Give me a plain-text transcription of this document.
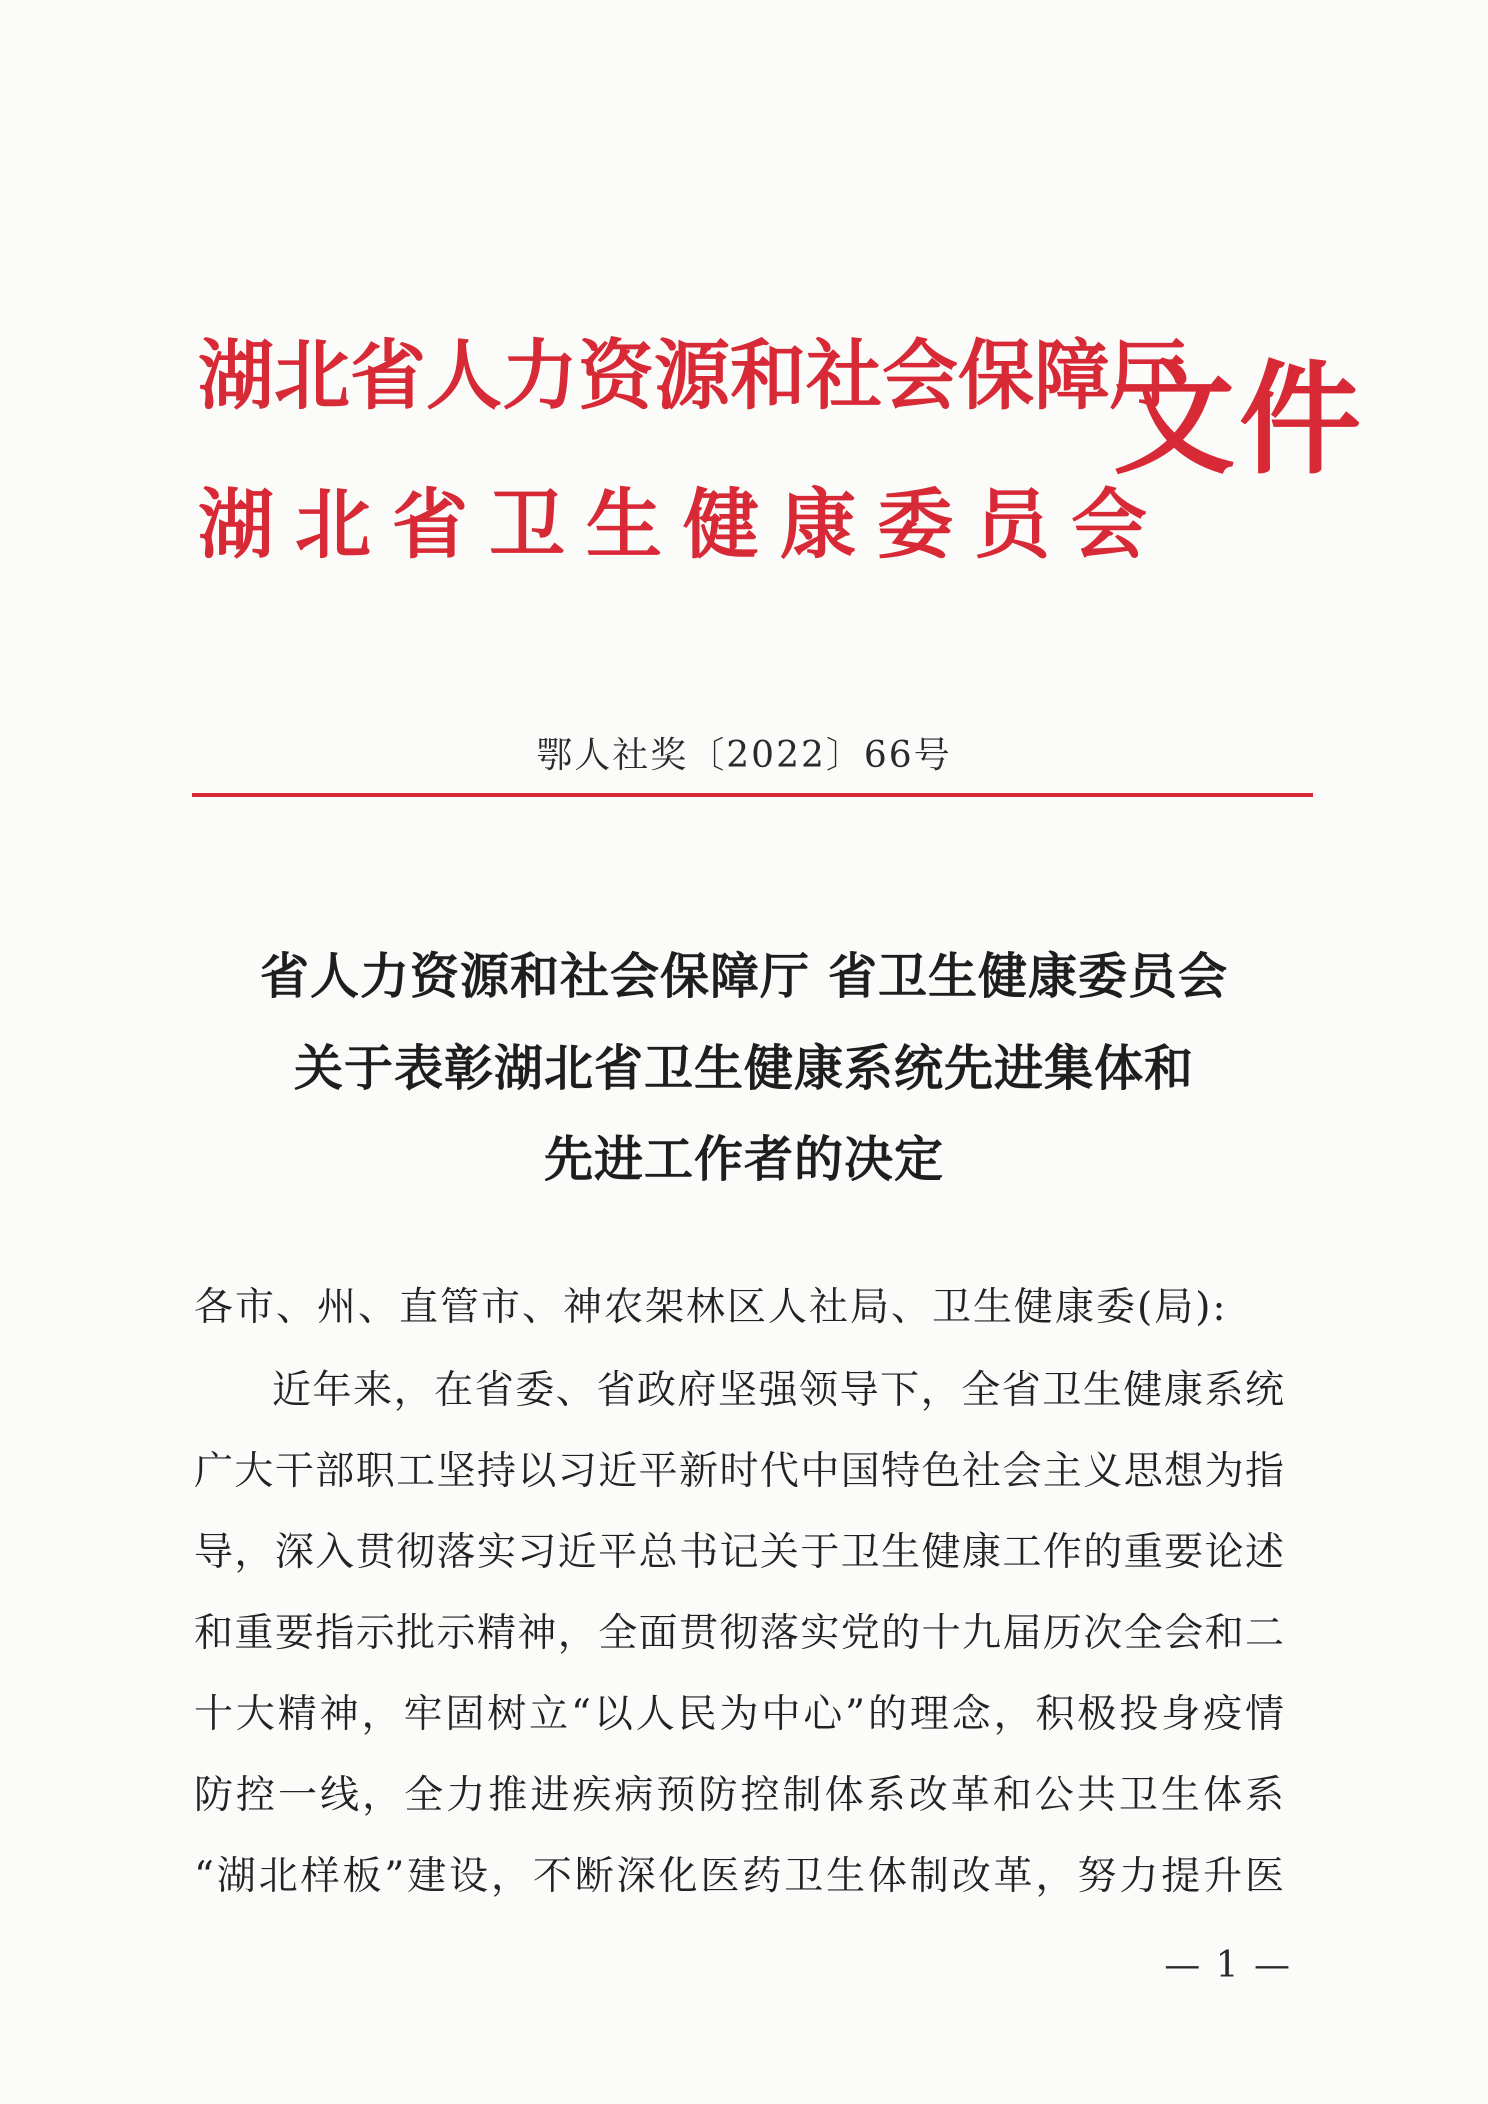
湖北省人力资源和社会保障厅
湖北省卫生健康委员会
文件
鄂人社奖〔2022〕66号
省人力资源和社会保障厅 省卫生健康委员会
关于表彰湖北省卫生健康系统先进集体和
先进工作者的决定
各市、州、直管市、神农架林区人社局、卫生健康委(局):
近年来，在省委、省政府坚强领导下，全省卫生健康系统
广大干部职工坚持以习近平新时代中国特色社会主义思想为指
导，深入贯彻落实习近平总书记关于卫生健康工作的重要论述
和重要指示批示精神，全面贯彻落实党的十九届历次全会和二
十大精神，牢固树立“以人民为中心”的理念，积极投身疫情
防控一线，全力推进疾病预防控制体系改革和公共卫生体系
“湖北样板”建设，不断深化医药卫生体制改革，努力提升医
— 1 —
